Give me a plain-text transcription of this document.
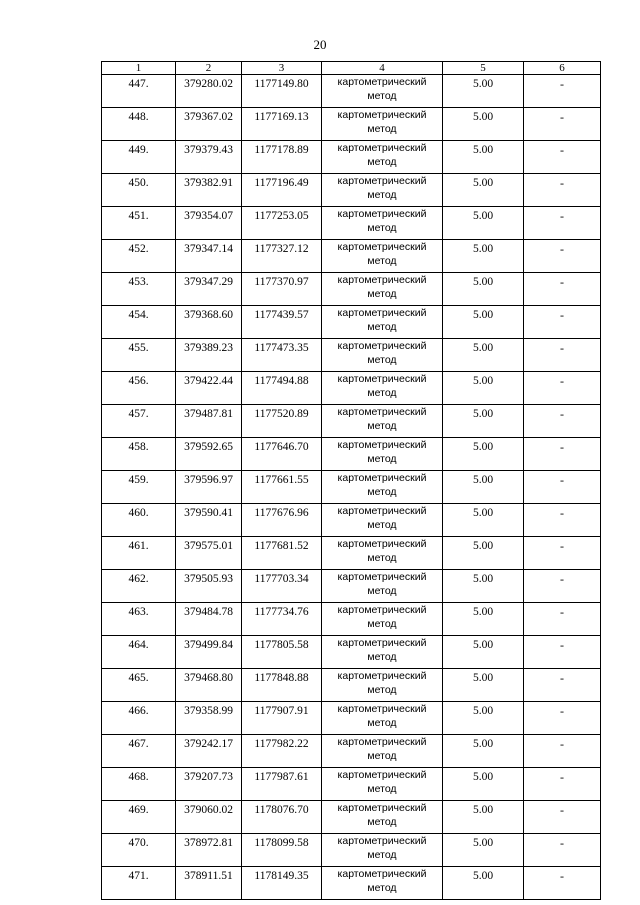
20
1	2	3	4	5	6
447.	379280.02	1177149.80	картометрический метод	5.00	-
448.	379367.02	1177169.13	картометрический метод	5.00	-
449.	379379.43	1177178.89	картометрический метод	5.00	-
450.	379382.91	1177196.49	картометрический метод	5.00	-
451.	379354.07	1177253.05	картометрический метод	5.00	-
452.	379347.14	1177327.12	картометрический метод	5.00	-
453.	379347.29	1177370.97	картометрический метод	5.00	-
454.	379368.60	1177439.57	картометрический метод	5.00	-
455.	379389.23	1177473.35	картометрический метод	5.00	-
456.	379422.44	1177494.88	картометрический метод	5.00	-
457.	379487.81	1177520.89	картометрический метод	5.00	-
458.	379592.65	1177646.70	картометрический метод	5.00	-
459.	379596.97	1177661.55	картометрический метод	5.00	-
460.	379590.41	1177676.96	картометрический метод	5.00	-
461.	379575.01	1177681.52	картометрический метод	5.00	-
462.	379505.93	1177703.34	картометрический метод	5.00	-
463.	379484.78	1177734.76	картометрический метод	5.00	-
464.	379499.84	1177805.58	картометрический метод	5.00	-
465.	379468.80	1177848.88	картометрический метод	5.00	-
466.	379358.99	1177907.91	картометрический метод	5.00	-
467.	379242.17	1177982.22	картометрический метод	5.00	-
468.	379207.73	1177987.61	картометрический метод	5.00	-
469.	379060.02	1178076.70	картометрический метод	5.00	-
470.	378972.81	1178099.58	картометрический метод	5.00	-
471.	378911.51	1178149.35	картометрический метод	5.00	-
